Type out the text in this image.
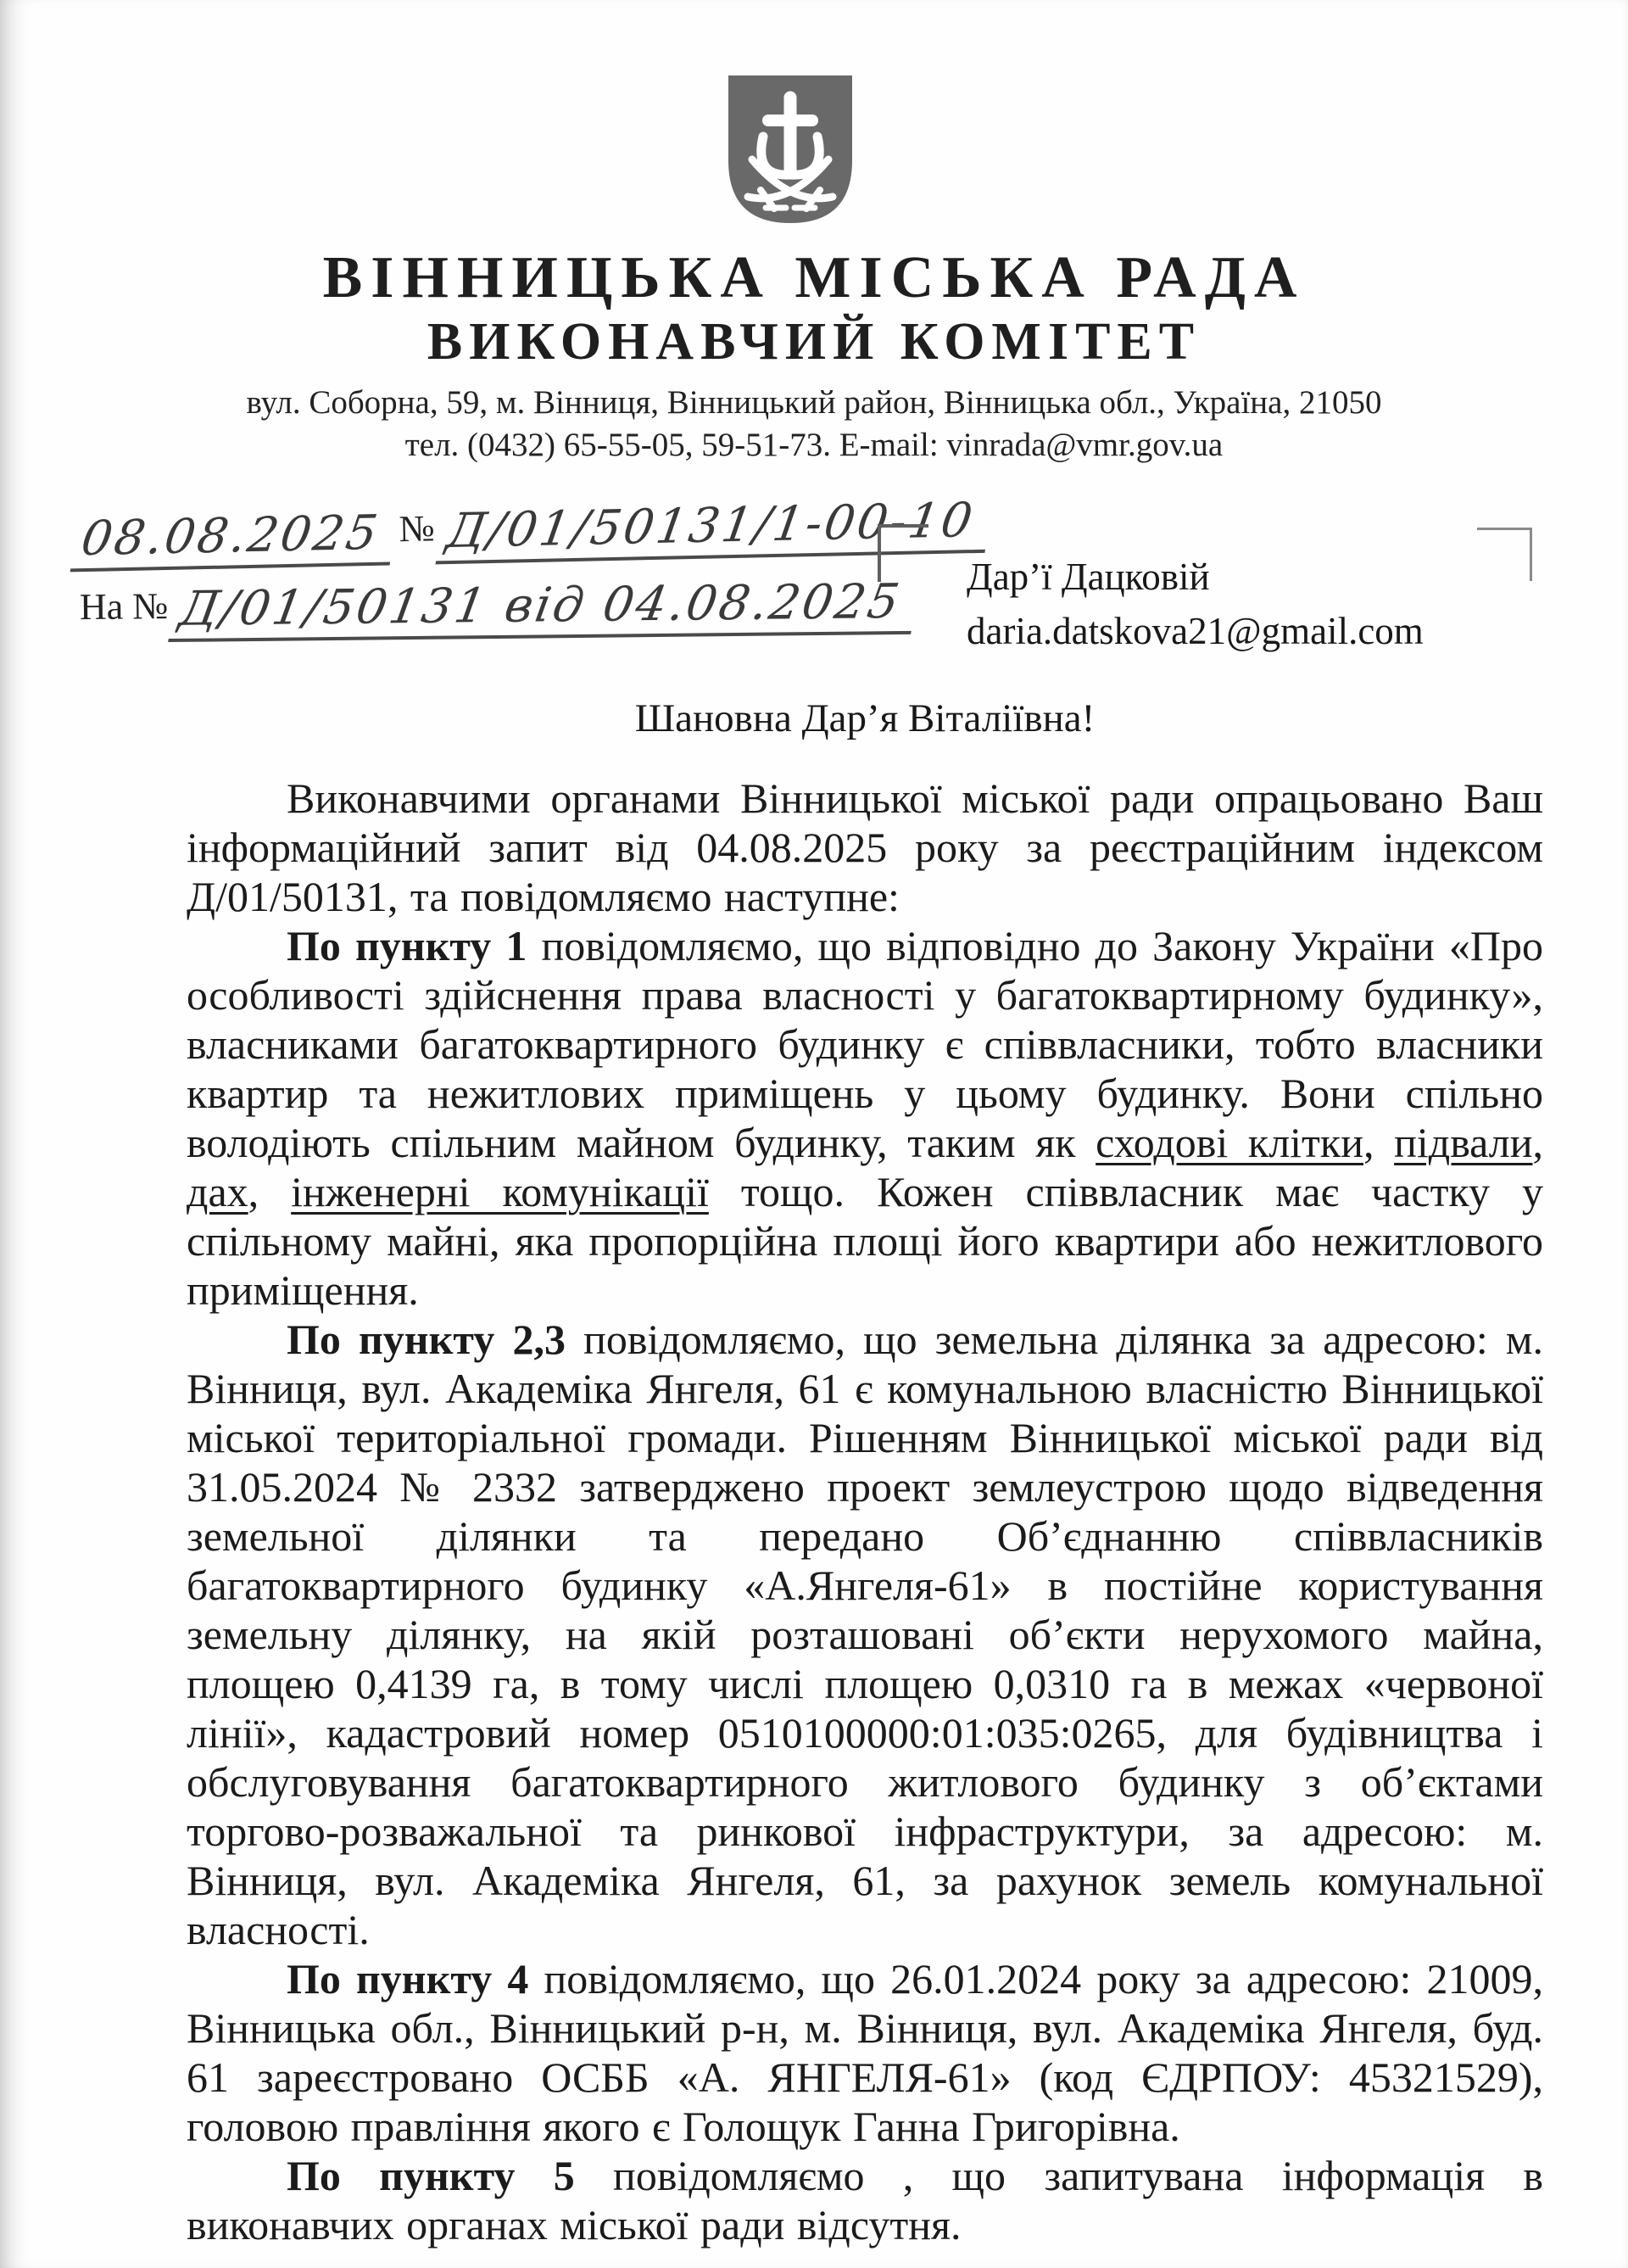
ВІННИЦЬКА МІСЬКА РАДА
ВИКОНАВЧИЙ КОМІТЕТ
вул. Соборна, 59, м. Вінниця, Вінницький район, Вінницька обл., Україна, 21050
тел. (0432) 65-55-05, 59-51-73. E-mail: vinrada@vmr.gov.ua
08.08.2025 № Д/01/50131/1-00-10
На № Д/01/50131 від 04.08.2025 Дар’ї Дацковій
daria.datskova21@gmail.com
Шановна Дар’я Віталіївна!

Виконавчими органами Вінницької міської ради опрацьовано Ваш інформаційний запит від 04.08.2025 року за реєстраційним індексом Д/01/50131, та повідомляємо наступне:

По пункту 1 повідомляємо, що відповідно до Закону України «Про особливості здійснення права власності у багатоквартирному будинку», власниками багатоквартирного будинку є співвласники, тобто власники квартир та нежитлових приміщень у цьому будинку. Вони спільно володіють спільним майном будинку, таким як сходові клітки, підвали, дах, інженерні комунікації тощо. Кожен співвласник має частку у спільному майні, яка пропорційна площі його квартири або нежитлового приміщення.

По пункту 2,3 повідомляємо, що земельна ділянка за адресою: м. Вінниця, вул. Академіка Янгеля, 61 є комунальною власністю Вінницької міської територіальної громади. Рішенням Вінницької міської ради від 31.05.2024 № 2332 затверджено проект землеустрою щодо відведення земельної ділянки та передано Об’єднанню співвласників багатоквартирного будинку «А.Янгеля-61» в постійне користування земельну ділянку, на якій розташовані об’єкти нерухомого майна, площею 0,4139 га, в тому числі площею 0,0310 га в межах «червоної лінії», кадастровий номер 0510100000:01:035:0265, для будівництва і обслуговування багатоквартирного житлового будинку з об’єктами торгово-розважальної та ринкової інфраструктури, за адресою: м. Вінниця, вул. Академіка Янгеля, 61, за рахунок земель комунальної власності.

По пункту 4 повідомляємо, що 26.01.2024 року за адресою: 21009, Вінницька обл., Вінницький р-н, м. Вінниця, вул. Академіка Янгеля, буд. 61 зареєстровано ОСББ «А. ЯНГЕЛЯ-61» (код ЄДРПОУ: 45321529), головою правління якого є Голощук Ганна Григорівна.

По пункту 5 повідомляємо , що запитувана інформація в виконавчих органах міської ради відсутня.
